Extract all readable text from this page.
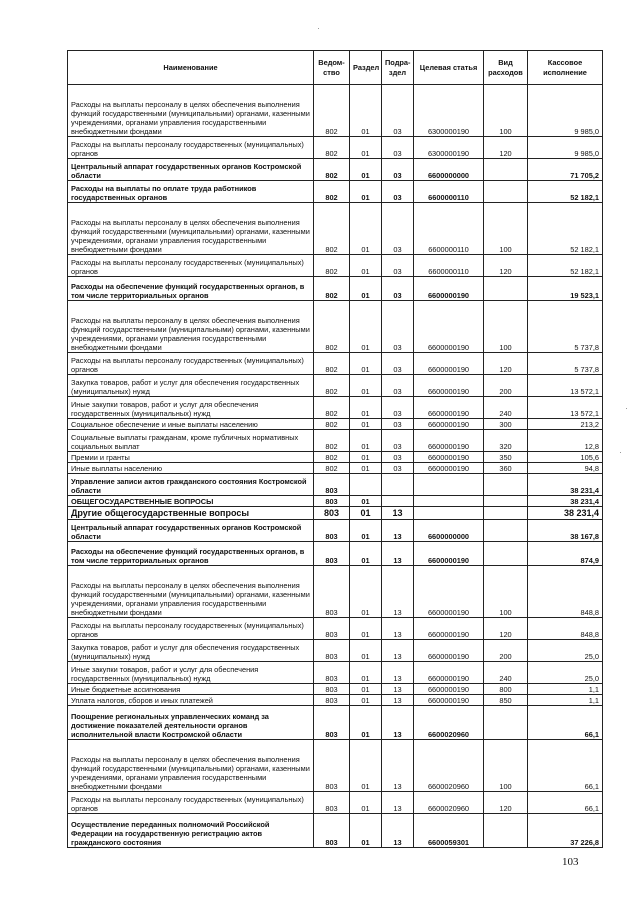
Наименование	Ведом-ство	Раздел	Подра-здел	Целевая статья	Вид расходов	Кассовое исполнение
Расходы на выплаты персоналу в целях обеспечения выполнения функций государственными (муниципальными) органами, казенными учреждениями, органами управления государственными внебюджетными фондами	802	01	03	6300000190	100	9 985,0
Расходы на выплаты персоналу государственных (муниципальных) органов	802	01	03	6300000190	120	9 985,0
Центральный аппарат государственных органов Костромской области	802	01	03	6600000000		71 705,2
Расходы на выплаты по оплате труда работников государственных органов	802	01	03	6600000110		52 182,1
Расходы на выплаты персоналу в целях обеспечения выполнения функций государственными (муниципальными) органами, казенными учреждениями, органами управления государственными внебюджетными фондами	802	01	03	6600000110	100	52 182,1
Расходы на выплаты персоналу государственных (муниципальных) органов	802	01	03	6600000110	120	52 182,1
Расходы на обеспечение функций государственных органов, в том числе территориальных органов	802	01	03	6600000190		19 523,1
Расходы на выплаты персоналу в целях обеспечения выполнения функций государственными (муниципальными) органами, казенными учреждениями, органами управления государственными внебюджетными фондами	802	01	03	6600000190	100	5 737,8
Расходы на выплаты персоналу государственных (муниципальных) органов	802	01	03	6600000190	120	5 737,8
Закупка товаров, работ и услуг для обеспечения государственных (муниципальных) нужд	802	01	03	6600000190	200	13 572,1
Иные закупки товаров, работ и услуг для обеспечения государственных (муниципальных) нужд	802	01	03	6600000190	240	13 572,1
Социальное обеспечение и иные выплаты населению	802	01	03	6600000190	300	213,2
Социальные выплаты гражданам, кроме публичных нормативных социальных выплат	802	01	03	6600000190	320	12,8
Премии и гранты	802	01	03	6600000190	350	105,6
Иные выплаты населению	802	01	03	6600000190	360	94,8
Управление записи актов гражданского состояния Костромской области	803					38 231,4
ОБЩЕГОСУДАРСТВЕННЫЕ ВОПРОСЫ	803	01				38 231,4
Другие общегосударственные вопросы	803	01	13			38 231,4
Центральный аппарат государственных органов Костромской области	803	01	13	6600000000		38 167,8
Расходы на обеспечение функций государственных органов, в том числе территориальных органов	803	01	13	6600000190		874,9
Расходы на выплаты персоналу в целях обеспечения выполнения функций государственными (муниципальными) органами, казенными учреждениями, органами управления государственными внебюджетными фондами	803	01	13	6600000190	100	848,8
Расходы на выплаты персоналу государственных (муниципальных) органов	803	01	13	6600000190	120	848,8
Закупка товаров, работ и услуг для обеспечения государственных (муниципальных) нужд	803	01	13	6600000190	200	25,0
Иные закупки товаров, работ и услуг для обеспечения государственных (муниципальных) нужд	803	01	13	6600000190	240	25,0
Иные бюджетные ассигнования	803	01	13	6600000190	800	1,1
Уплата налогов, сборов и иных платежей	803	01	13	6600000190	850	1,1
Поощрение региональных управленческих команд за достижение показателей деятельности органов исполнительной власти Костромской области	803	01	13	6600020960		66,1
Расходы на выплаты персоналу в целях обеспечения выполнения функций государственными (муниципальными) органами, казенными учреждениями, органами управления государственными внебюджетными фондами	803	01	13	6600020960	100	66,1
Расходы на выплаты персоналу государственных (муниципальных) органов	803	01	13	6600020960	120	66,1
Осуществление переданных полномочий Российской Федерации на государственную регистрацию актов гражданского состояния	803	01	13	6600059301		37 226,8
103
